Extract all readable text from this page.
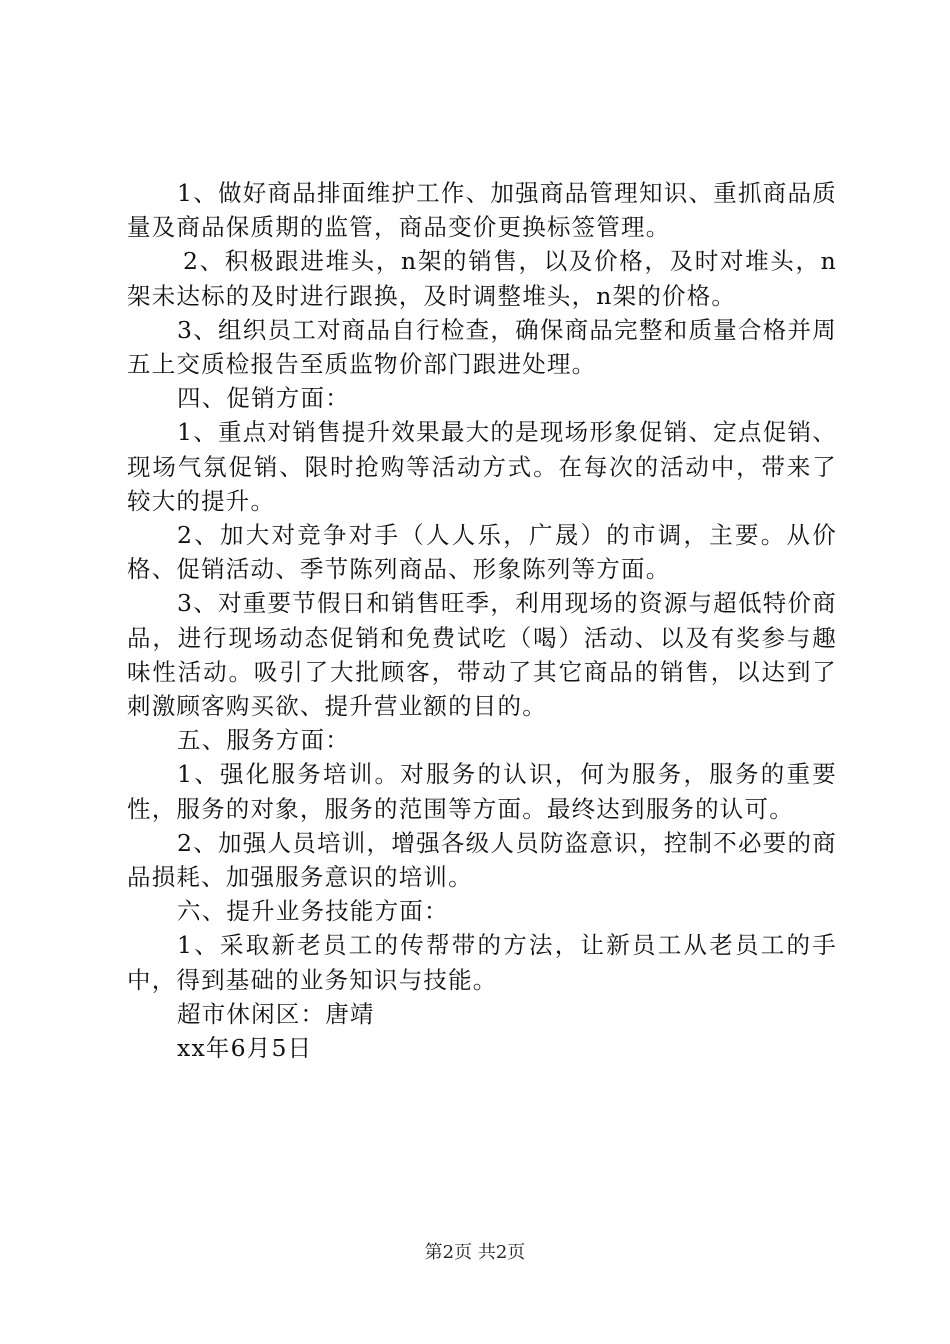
1、做好商品排面维护工作、加强商品管理知识、重抓商品质量及商品保质期的监管，商品变价更换标签管理。

2、积极跟进堆头，n架的销售，以及价格，及时对堆头，n架未达标的及时进行跟换，及时调整堆头，n架的价格。

3、组织员工对商品自行检查，确保商品完整和质量合格并周五上交质检报告至质监物价部门跟进处理。

四、促销方面：

1、重点对销售提升效果最大的是现场形象促销、定点促销、现场气氛促销、限时抢购等活动方式。在每次的活动中，带来了较大的提升。

2、加大对竞争对手（人人乐，广晟）的市调，主要。从价格、促销活动、季节陈列商品、形象陈列等方面。

3、对重要节假日和销售旺季，利用现场的资源与超低特价商品，进行现场动态促销和免费试吃（喝）活动、以及有奖参与趣味性活动。吸引了大批顾客，带动了其它商品的销售，以达到了刺激顾客购买欲、提升营业额的目的。

五、服务方面：

1、强化服务培训。对服务的认识，何为服务，服务的重要性，服务的对象，服务的范围等方面。最终达到服务的认可。

2、加强人员培训，增强各级人员防盗意识，控制不必要的商品损耗、加强服务意识的培训。

六、提升业务技能方面：

1、采取新老员工的传帮带的方法，让新员工从老员工的手中，得到基础的业务知识与技能。

超市休闲区：唐靖

xx年6月5日

第2页 共2页
